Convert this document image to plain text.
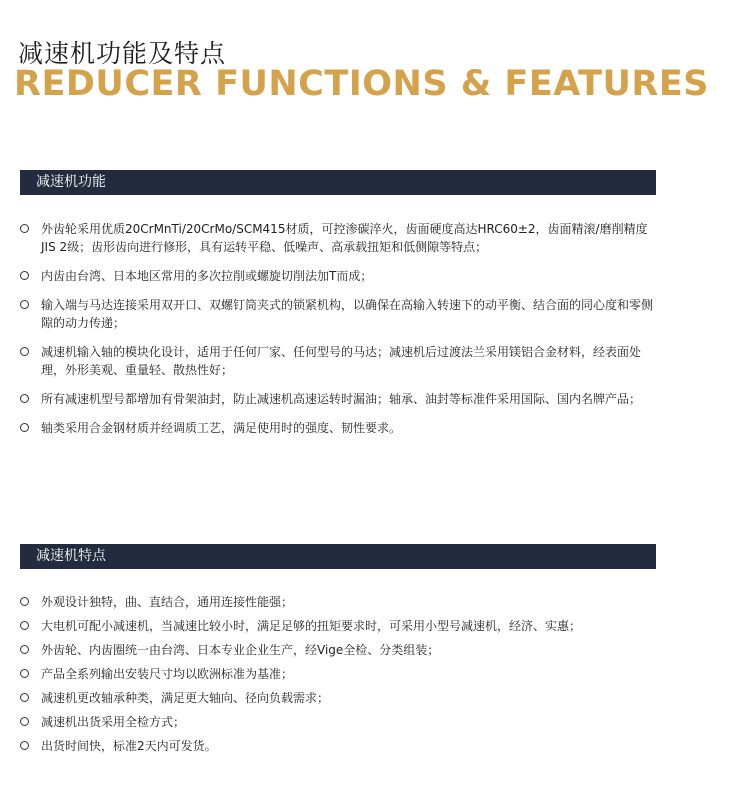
减速机功能及特点
REDUCER FUNCTIONS & FEATURES
减速机功能
外齿轮采用优质20CrMnTi/20CrMo/SCM415材质，可控渗碳淬火，齿面硬度高达HRC60±2，齿面精滚/磨削精度JIS 2级；齿形齿向进行修形，具有运转平稳、低噪声、高承载扭矩和低侧隙等特点；
内齿由台湾、日本地区常用的多次拉削或螺旋切削法加T而成；
输入端与马达连接采用双开口、双螺钉筒夹式的锁紧机构，以确保在高输入转速下的动平衡、结合面的同心度和零侧隙的动力传递；
减速机输入轴的模块化设计，适用于任何厂家、任何型号的马达；减速机后过渡法兰采用镁铝合金材料，经表面处理，外形美观、重量轻、散热性好；
所有减速机型号都增加有骨架油封，防止减速机高速运转时漏油；轴承、油封等标准件采用国际、国内名牌产品；
轴类采用合金钢材质并经调质工艺，满足使用时的强度、韧性要求。
减速机特点
外观设计独特，曲、直结合，通用连接性能强；
大电机可配小减速机，当减速比较小时，满足足够的扭矩要求时，可采用小型号减速机，经济、实惠；
外齿轮、内齿圈统一由台湾、日本专业企业生产，经Vige全检、分类组装；
产品全系列输出安装尺寸均以欧洲标准为基准；
减速机更改轴承种类，满足更大轴向、径向负载需求；
减速机出货采用全检方式；
出货时间快，标准2天内可发货。
